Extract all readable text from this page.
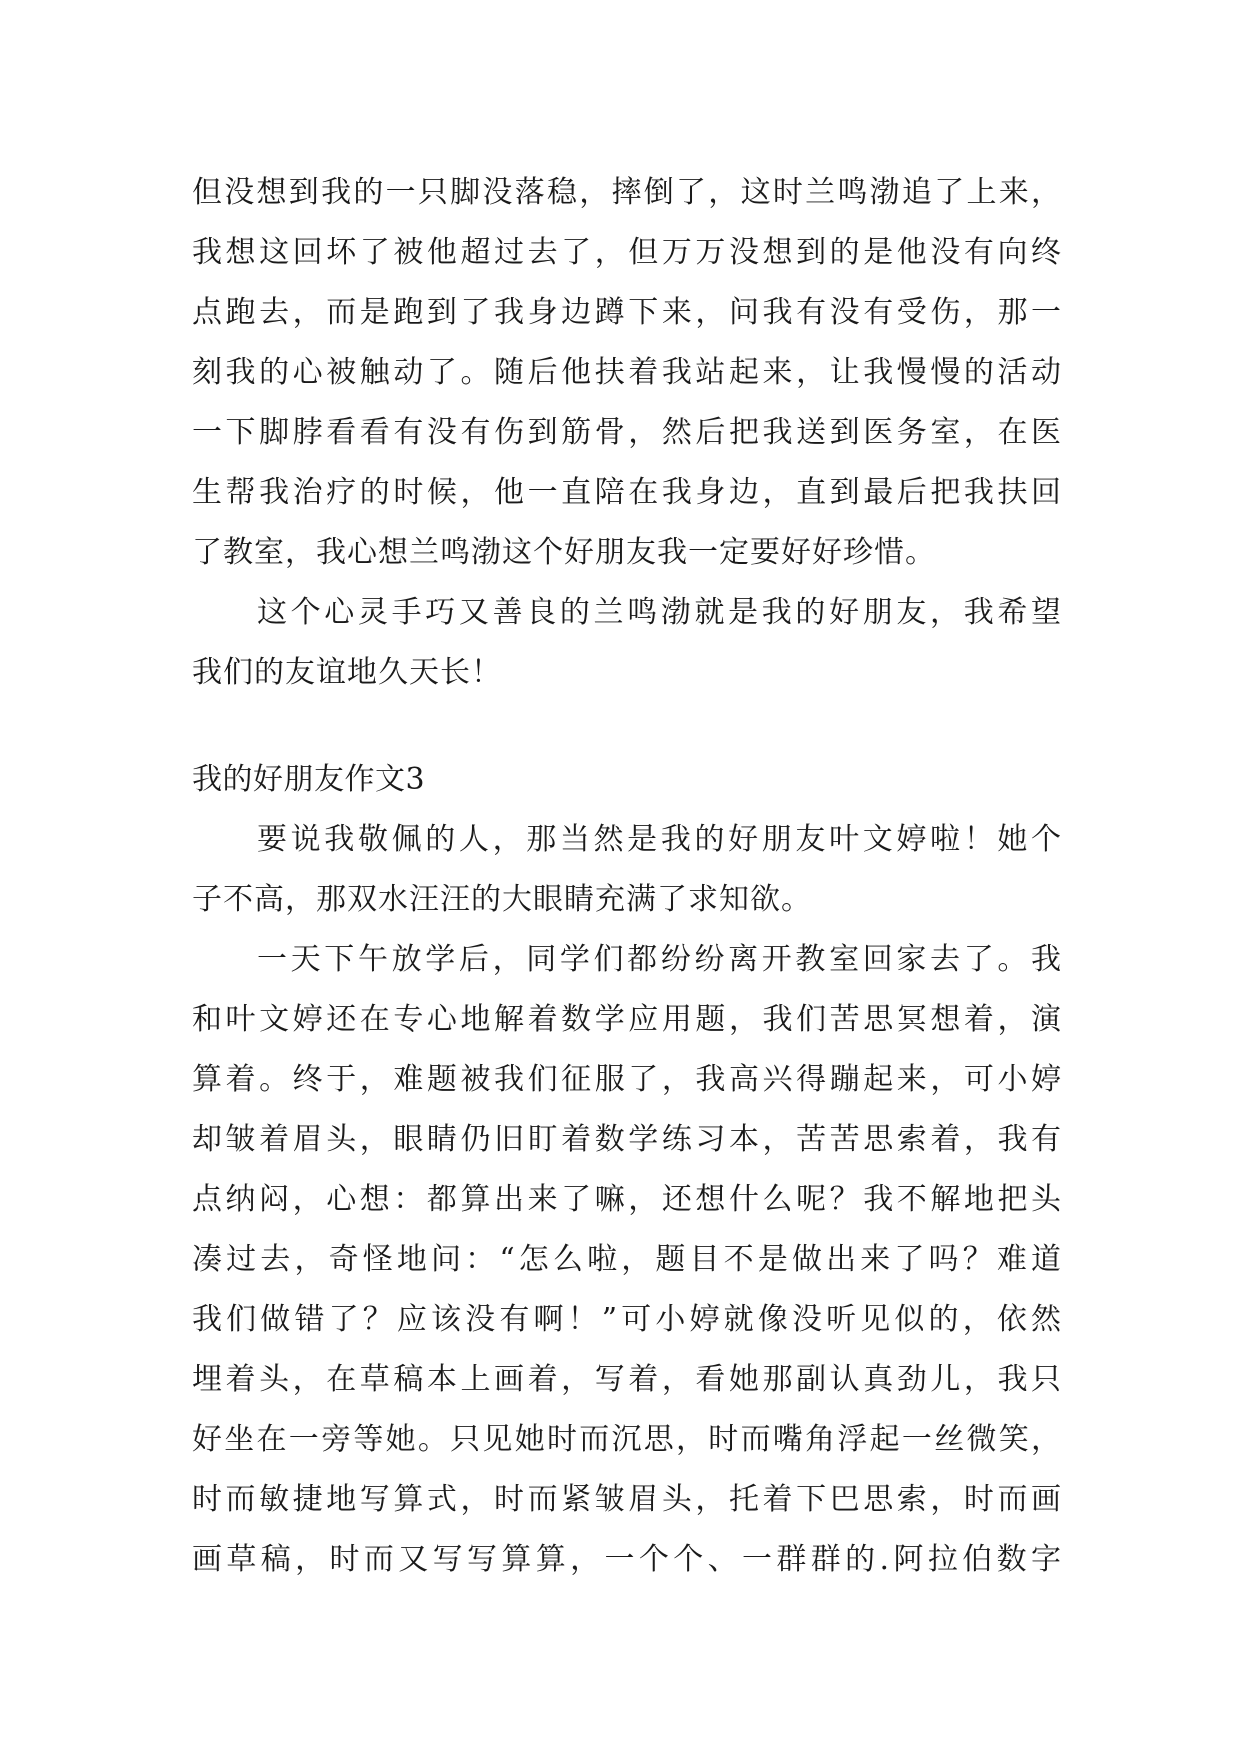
但没想到我的一只脚没落稳，摔倒了，这时兰鸣渤追了上来，
我想这回坏了被他超过去了，但万万没想到的是他没有向终
点跑去，而是跑到了我身边蹲下来，问我有没有受伤，那一
刻我的心被触动了。随后他扶着我站起来，让我慢慢的活动
一下脚脖看看有没有伤到筋骨，然后把我送到医务室，在医
生帮我治疗的时候，他一直陪在我身边，直到最后把我扶回
了教室，我心想兰鸣渤这个好朋友我一定要好好珍惜。
这个心灵手巧又善良的兰鸣渤就是我的好朋友，我希望
我们的友谊地久天长！
我的好朋友作文3
要说我敬佩的人，那当然是我的好朋友叶文婷啦！她个
子不高，那双水汪汪的大眼睛充满了求知欲。
一天下午放学后，同学们都纷纷离开教室回家去了。我
和叶文婷还在专心地解着数学应用题，我们苦思冥想着，演
算着。终于，难题被我们征服了，我高兴得蹦起来，可小婷
却皱着眉头，眼睛仍旧盯着数学练习本，苦苦思索着，我有
点纳闷，心想：都算出来了嘛，还想什么呢？我不解地把头
凑过去，奇怪地问：“怎么啦，题目不是做出来了吗？难道
我们做错了？应该没有啊！”可小婷就像没听见似的，依然
埋着头，在草稿本上画着，写着，看她那副认真劲儿，我只
好坐在一旁等她。只见她时而沉思，时而嘴角浮起一丝微笑，
时而敏捷地写算式，时而紧皱眉头，托着下巴思索，时而画
画草稿，时而又写写算算，一个个、一群群的.阿拉伯数字
